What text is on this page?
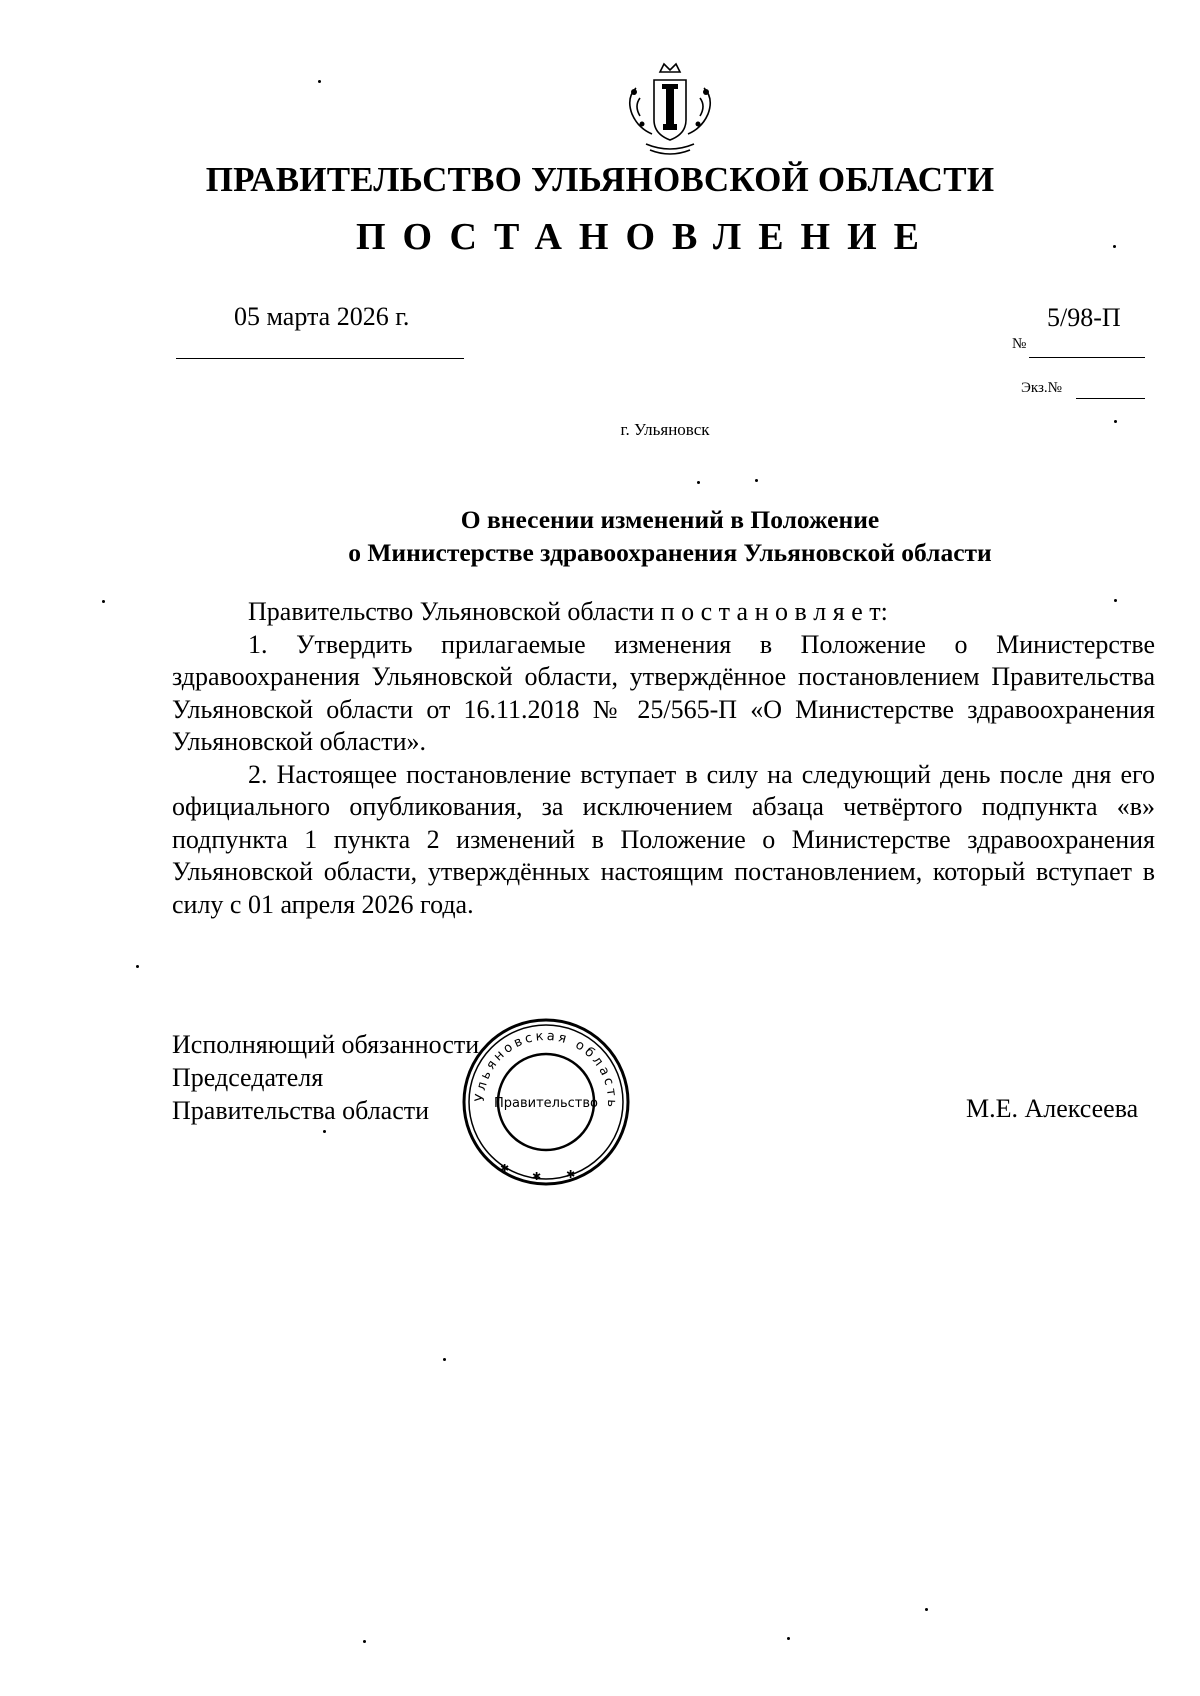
ПРАВИТЕЛЬСТВО УЛЬЯНОВСКОЙ ОБЛАСТИ
ПОСТАНОВЛЕНИЕ
05 марта 2026 г.	5/98-П
№
Экз.№
г. Ульяновск
О внесении изменений в Положение
о Министерстве здравоохранения Ульяновской области

Правительство Ульяновской области п о с т а н о в л я е т:

1. Утвердить прилагаемые изменения в Положение о Министерстве здравоохранения Ульяновской области, утверждённое постановлением Правительства Ульяновской области от 16.11.2018 № 25/565-П «О Министерстве здравоохранения Ульяновской области».

2. Настоящее постановление вступает в силу на следующий день после дня его официального опубликования, за исключением абзаца четвёртого подпункта «в» подпункта 1 пункта 2 изменений в Положение о Министерстве здравоохранения Ульяновской области, утверждённых настоящим постановлением, который вступает в силу с 01 апреля 2026 года.

Исполняющий обязанности
Председателя
Правительства области	М.Е. Алексеева
Ульяновская область
Правительство
✱
✱ ✱
